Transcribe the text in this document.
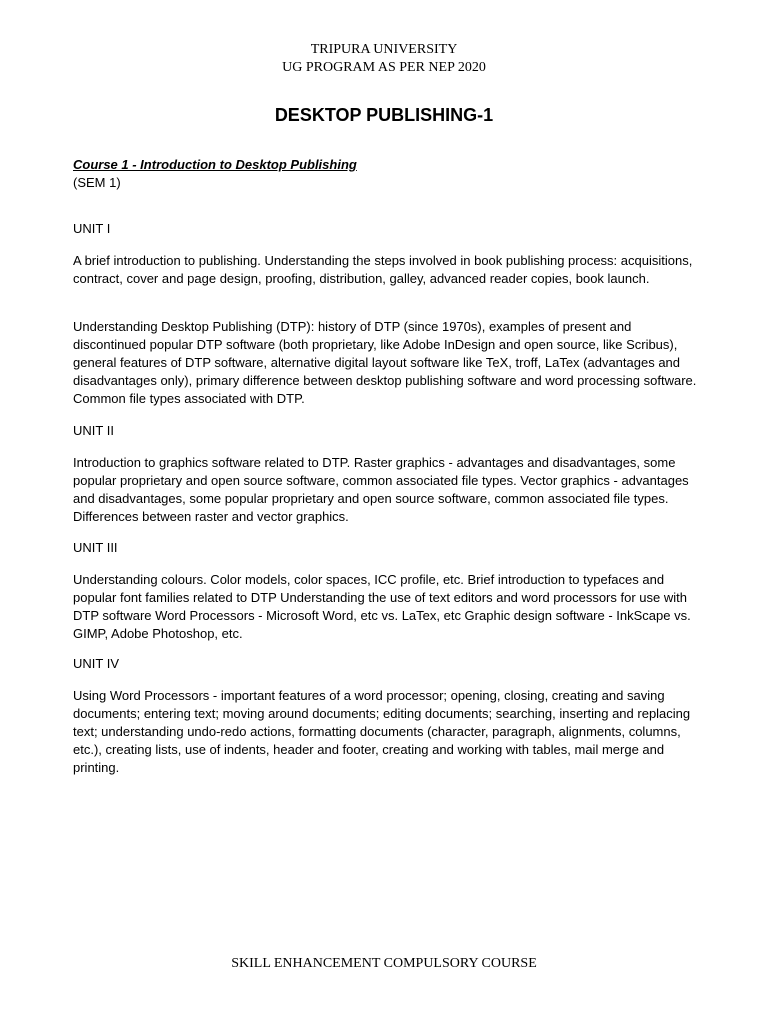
TRIPURA UNIVERSITY
UG PROGRAM AS PER NEP 2020
DESKTOP PUBLISHING-1
Course 1 - Introduction to Desktop Publishing
(SEM 1)

UNIT I

A brief introduction to publishing. Understanding the steps involved in book publishing process: acquisitions, contract, cover and page design, proofing, distribution, galley, advanced reader copies, book launch.

Understanding Desktop Publishing (DTP): history of DTP (since 1970s), examples of present and discontinued popular DTP software (both proprietary, like Adobe InDesign and open source, like Scribus), general features of DTP software, alternative digital layout software like TeX, troff, LaTex (advantages and disadvantages only), primary difference between desktop publishing software and word processing software. Common file types associated with DTP.

UNIT II

Introduction to graphics software related to DTP. Raster graphics - advantages and disadvantages, some popular proprietary and open source software, common associated file types. Vector graphics - advantages and disadvantages, some popular proprietary and open source software, common associated file types. Differences between raster and vector graphics.

UNIT III

Understanding colours. Color models, color spaces, ICC profile, etc. Brief introduction to typefaces and popular font families related to DTP Understanding the use of text editors and word processors for use with DTP software Word Processors - Microsoft Word, etc vs. LaTex, etc Graphic design software - InkScape vs. GIMP, Adobe Photoshop, etc.

UNIT IV

Using Word Processors - important features of a word processor; opening, closing, creating and saving documents; entering text; moving around documents; editing documents; searching, inserting and replacing text; understanding undo-redo actions, formatting documents (character, paragraph, alignments, columns, etc.), creating lists, use of indents, header and footer, creating and working with tables, mail merge and printing.

SKILL ENHANCEMENT COMPULSORY COURSE
